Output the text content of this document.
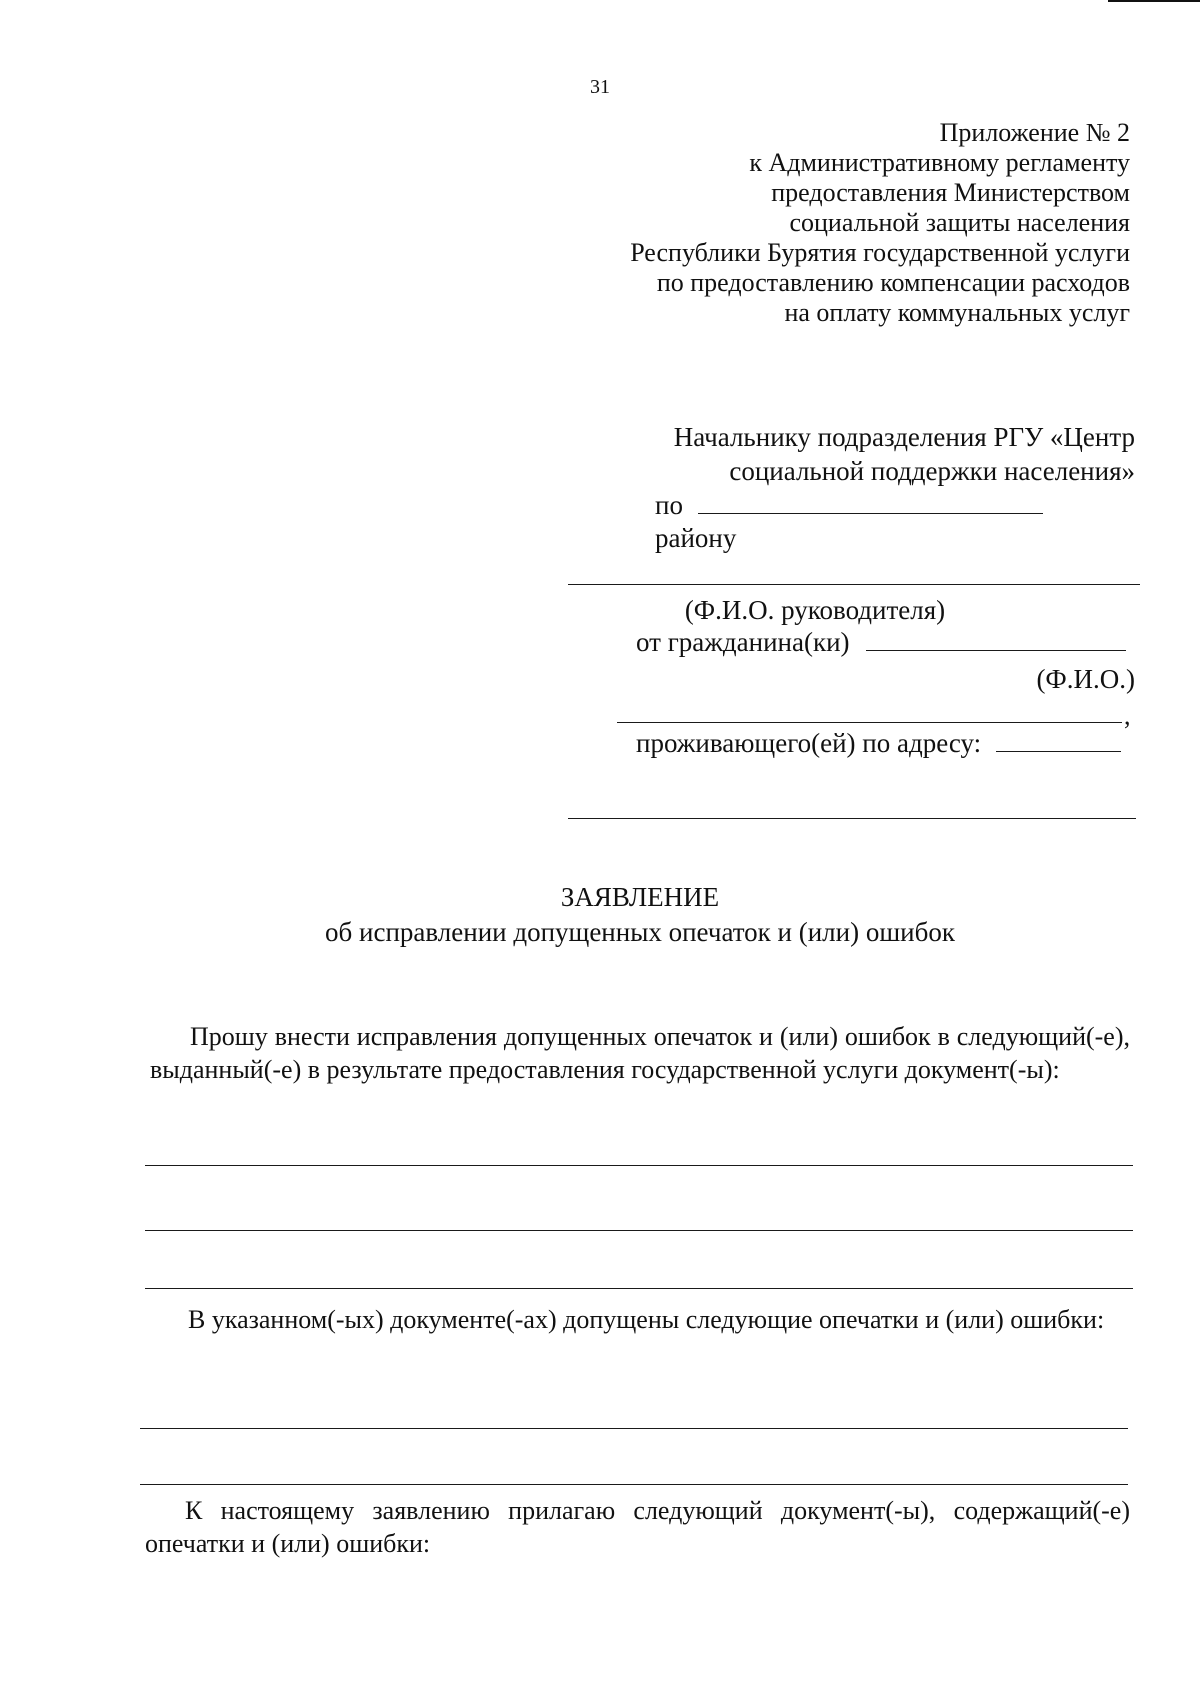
31
Приложение № 2
к Административному регламенту
предоставления Министерством
социальной защиты населения
Республики Бурятия государственной услуги
по предоставлению компенсации расходов
на оплату коммунальных услуг
Начальнику подразделения РГУ «Центр
социальной поддержки населения»
по  району
(Ф.И.О. руководителя)
от гражданина(ки)
(Ф.И.О.)
,
проживающего(ей) по адресу:
ЗАЯВЛЕНИЕ
об исправлении допущенных опечаток и (или) ошибок
Прошу внести исправления допущенных опечаток и (или) ошибок в следующий(-е), выданный(-е) в результате предоставления государственной услуги документ(-ы):
В указанном(-ых) документе(-ах) допущены следующие опечатки и (или) ошибки:
К настоящему заявлению прилагаю следующий документ(-ы), содержащий(-е) опечатки и (или) ошибки:
